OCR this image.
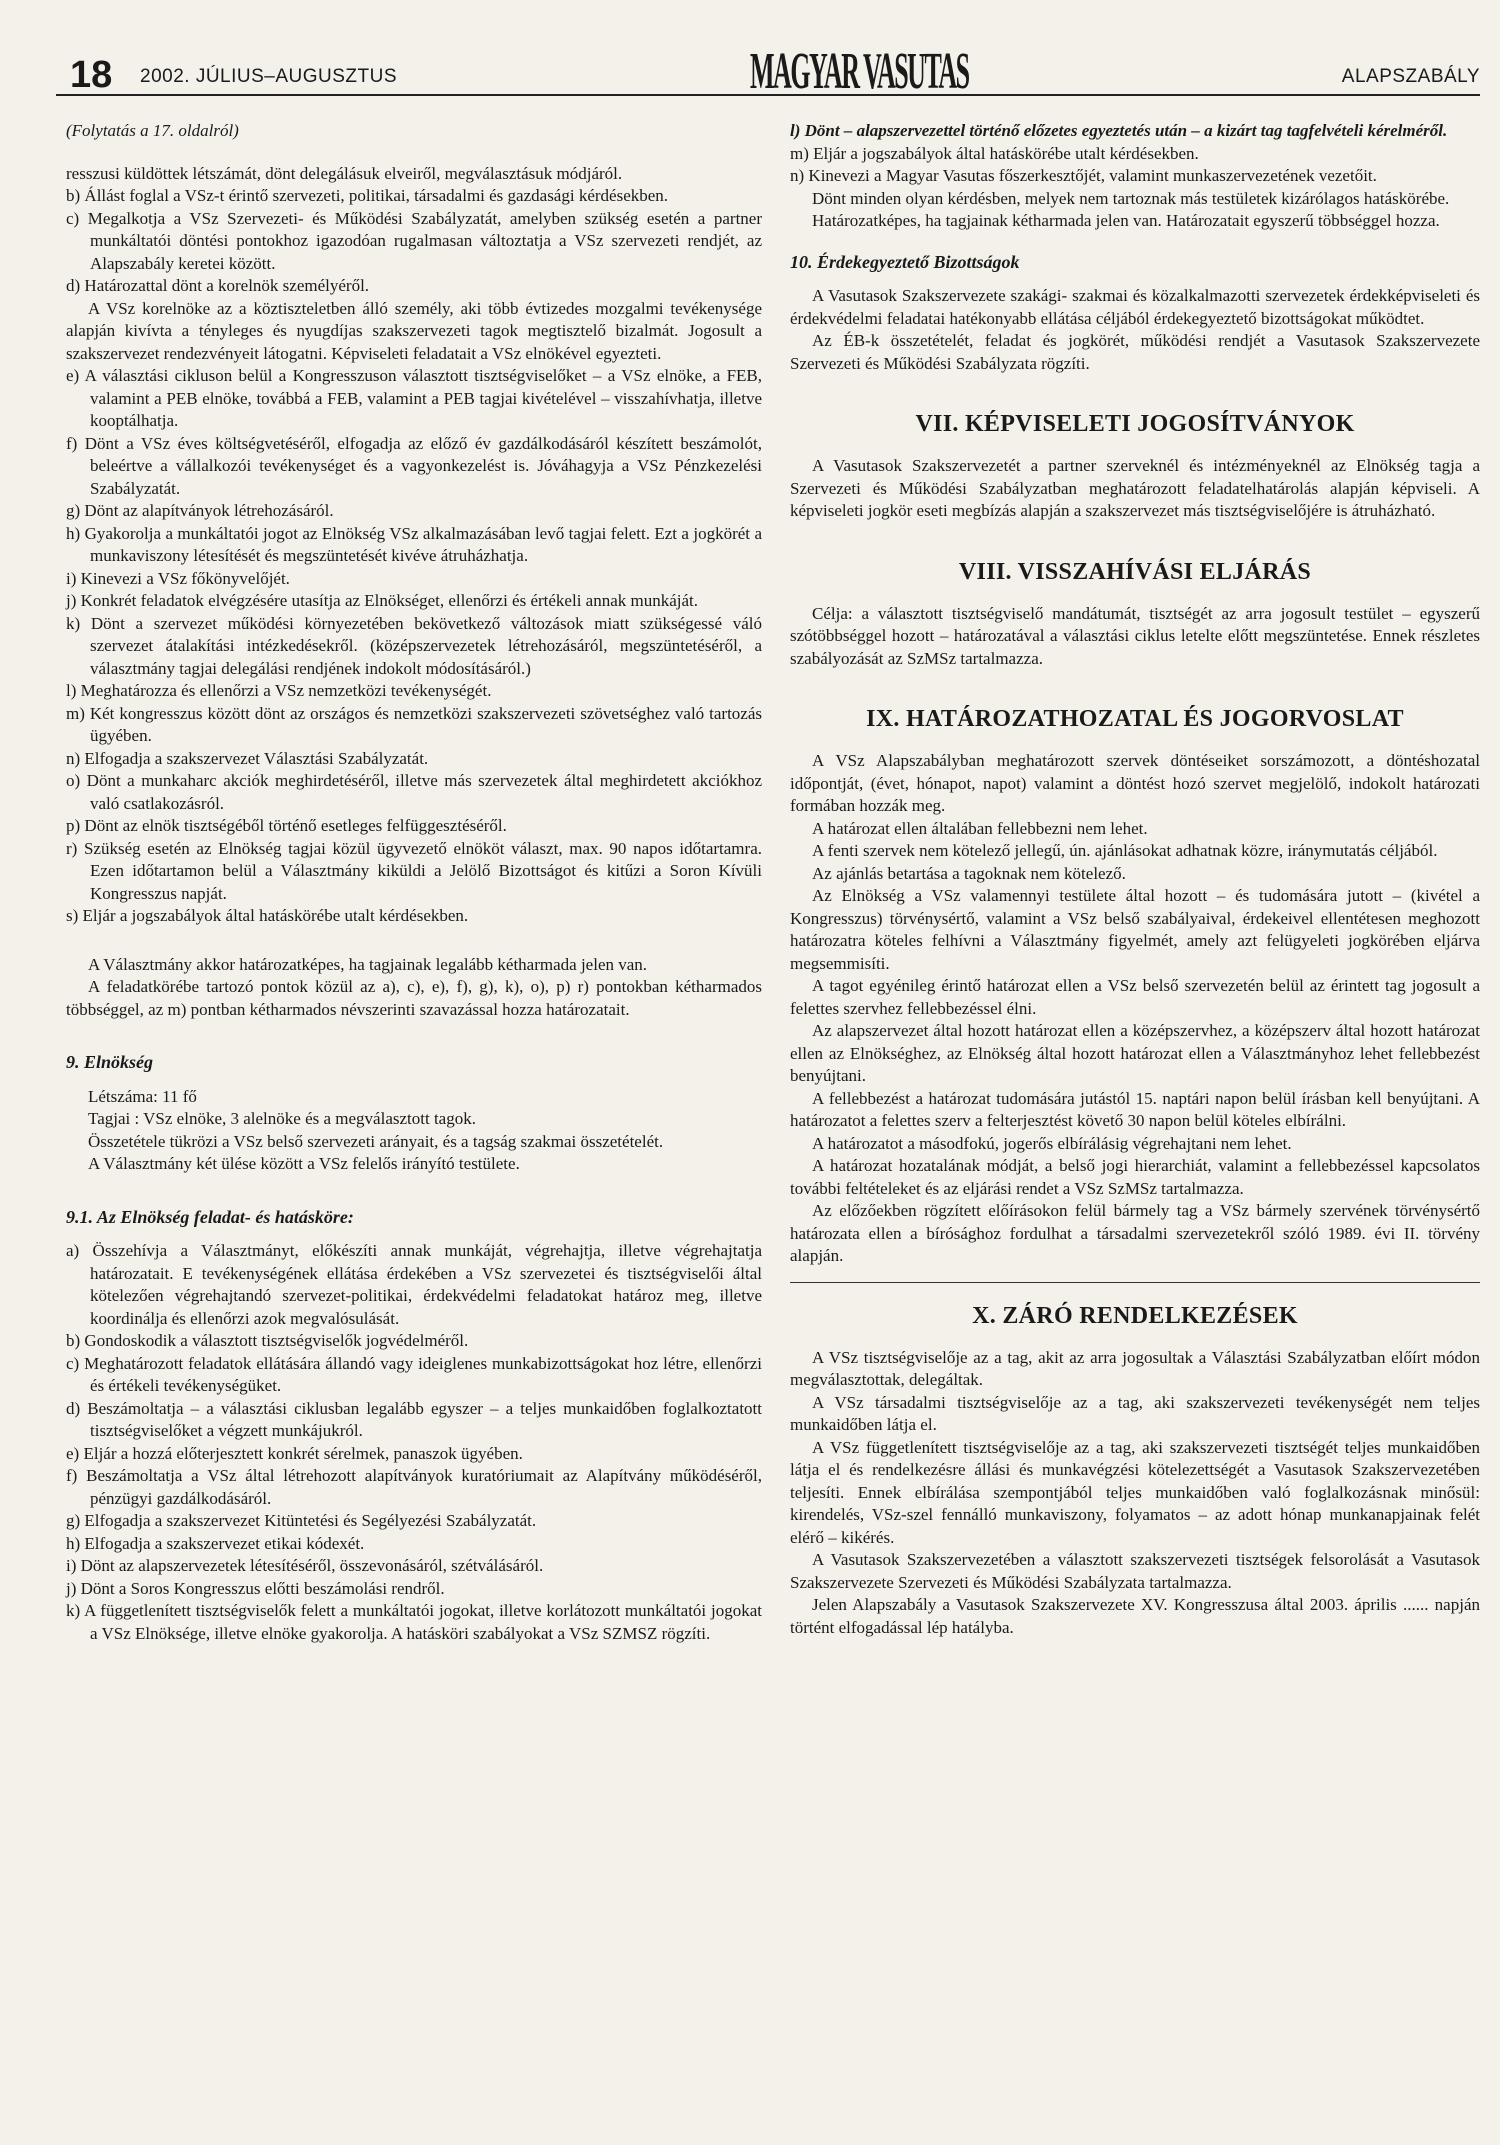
18 2002. JÚLIUS–AUGUSZTUS	MAGYAR VASUTAS	ALAPSZABÁLY

(Folytatás a 17. oldalról)

resszusi küldöttek létszámát, dönt delegálásuk elveiről, megválasztásuk módjáról.

b) Állást foglal a VSz-t érintő szervezeti, politikai, társadalmi és gazdasági kérdésekben.

c) Megalkotja a VSz Szervezeti- és Működési Szabályzatát, amelyben szükség esetén a partner munkáltatói döntési pontokhoz igazodóan rugalmasan változtatja a VSz szervezeti rendjét, az Alapszabály keretei között.

d) Határozattal dönt a korelnök személyéről.

A VSz korelnöke az a köztiszteletben álló személy, aki több évtizedes mozgalmi tevékenysége alapján kivívta a tényleges és nyugdíjas szakszervezeti tagok megtisztelő bizalmát. Jogosult a szakszervezet rendezvényeit látogatni. Képviseleti feladatait a VSz elnökével egyezteti.

e) A választási cikluson belül a Kongresszuson választott tisztségviselőket – a VSz elnöke, a FEB, valamint a PEB elnöke, továbbá a FEB, valamint a PEB tagjai kivételével – visszahívhatja, illetve kooptálhatja.

f) Dönt a VSz éves költségvetéséről, elfogadja az előző év gazdálkodásáról készített beszámolót, beleértve a vállalkozói tevékenységet és a vagyonkezelést is. Jóváhagyja a VSz Pénzkezelési Szabályzatát.

g) Dönt az alapítványok létrehozásáról.

h) Gyakorolja a munkáltatói jogot az Elnökség VSz alkalmazásában levő tagjai felett. Ezt a jogkörét a munkaviszony létesítését és megszüntetését kivéve átruházhatja.

i) Kinevezi a VSz főkönyvelőjét.

j) Konkrét feladatok elvégzésére utasítja az Elnökséget, ellenőrzi és értékeli annak munkáját.

k) Dönt a szervezet működési környezetében bekövetkező változások miatt szükségessé váló szervezet átalakítási intézkedésekről. (középszervezetek létrehozásáról, megszüntetéséről, a választmány tagjai delegálási rendjének indokolt módosításáról.)

l) Meghatározza és ellenőrzi a VSz nemzetközi tevékenységét.

m) Két kongresszus között dönt az országos és nemzetközi szakszervezeti szövetséghez való tartozás ügyében.

n) Elfogadja a szakszervezet Választási Szabályzatát.

o) Dönt a munkaharc akciók meghirdetéséről, illetve más szervezetek által meghirdetett akciókhoz való csatlakozásról.

p) Dönt az elnök tisztségéből történő esetleges felfüggesztéséről.

r) Szükség esetén az Elnökség tagjai közül ügyvezető elnököt választ, max. 90 napos időtartamra. Ezen időtartamon belül a Választmány kiküldi a Jelölő Bizottságot és kitűzi a Soron Kívüli Kongresszus napját.

s) Eljár a jogszabályok által hatáskörébe utalt kérdésekben.

A Választmány akkor határozatképes, ha tagjainak legalább kétharmada jelen van.

A feladatkörébe tartozó pontok közül az a), c), e), f), g), k), o), p) r) pontokban kétharmados többséggel, az m) pontban kétharmados névszerinti szavazással hozza határozatait.

9. Elnökség

Létszáma: 11 fő

Tagjai : VSz elnöke, 3 alelnöke és a megválasztott tagok.

Összetétele tükrözi a VSz belső szervezeti arányait, és a tagság szakmai összetételét.

A Választmány két ülése között a VSz felelős irányító testülete.

9.1. Az Elnökség feladat- és hatásköre:

a) Összehívja a Választmányt, előkészíti annak munkáját, végrehajtja, illetve végrehajtatja határozatait. E tevékenységének ellátása érdekében a VSz szervezetei és tisztségviselői által kötelezően végrehajtandó szervezet-politikai, érdekvédelmi feladatokat határoz meg, illetve koordinálja és ellenőrzi azok megvalósulását.

b) Gondoskodik a választott tisztségviselők jogvédelméről.

c) Meghatározott feladatok ellátására állandó vagy ideiglenes munkabizottságokat hoz létre, ellenőrzi és értékeli tevékenységüket.

d) Beszámoltatja – a választási ciklusban legalább egyszer – a teljes munkaidőben foglalkoztatott tisztségviselőket a végzett munkájukról.

e) Eljár a hozzá előterjesztett konkrét sérelmek, panaszok ügyében.

f) Beszámoltatja a VSz által létrehozott alapítványok kuratóriumait az Alapítvány működéséről, pénzügyi gazdálkodásáról.

g) Elfogadja a szakszervezet Kitüntetési és Segélyezési Szabályzatát.

h) Elfogadja a szakszervezet etikai kódexét.

i) Dönt az alapszervezetek létesítéséről, összevonásáról, szétválásáról.

j) Dönt a Soros Kongresszus előtti beszámolási rendről.

k) A függetlenített tisztségviselők felett a munkáltatói jogokat, illetve korlátozott munkáltatói jogokat a VSz Elnöksége, illetve elnöke gyakorolja. A hatásköri szabályokat a VSz SZMSZ rögzíti.

l) Dönt – alapszervezettel történő előzetes egyeztetés után – a kizárt tag tagfelvételi kérelméről.

m) Eljár a jogszabályok által hatáskörébe utalt kérdésekben.

n) Kinevezi a Magyar Vasutas főszerkesztőjét, valamint munkaszervezetének vezetőit.

Dönt minden olyan kérdésben, melyek nem tartoznak más testületek kizárólagos hatáskörébe.

Határozatképes, ha tagjainak kétharmada jelen van. Határozatait egyszerű többséggel hozza.

10. Érdekegyeztető Bizottságok

A Vasutasok Szakszervezete szakági- szakmai és közalkalmazotti szervezetek érdekképviseleti és érdekvédelmi feladatai hatékonyabb ellátása céljából érdekegyeztető bizottságokat működtet.

Az ÉB-k összetételét, feladat és jogkörét, működési rendjét a Vasutasok Szakszervezete Szervezeti és Működési Szabályzata rögzíti.

VII. KÉPVISELETI JOGOSÍTVÁNYOK

A Vasutasok Szakszervezetét a partner szerveknél és intézményeknél az Elnökség tagja a Szervezeti és Működési Szabályzatban meghatározott feladatelhatárolás alapján képviseli. A képviseleti jogkör eseti megbízás alapján a szakszervezet más tisztségviselőjére is átruházható.

VIII. VISSZAHÍVÁSI ELJÁRÁS

Célja: a választott tisztségviselő mandátumát, tisztségét az arra jogosult testület – egyszerű szótöbbséggel hozott – határozatával a választási ciklus letelte előtt megszüntetése. Ennek részletes szabályozását az SzMSz tartalmazza.

IX. HATÁROZATHOZATAL ÉS JOGORVOSLAT

A VSz Alapszabályban meghatározott szervek döntéseiket sorszámozott, a döntéshozatal időpontját, (évet, hónapot, napot) valamint a döntést hozó szervet megjelölő, indokolt határozati formában hozzák meg.

A határozat ellen általában fellebbezni nem lehet.

A fenti szervek nem kötelező jellegű, ún. ajánlásokat adhatnak közre, iránymutatás céljából.

Az ajánlás betartása a tagoknak nem kötelező.

Az Elnökség a VSz valamennyi testülete által hozott – és tudomására jutott – (kivétel a Kongresszus) törvénysértő, valamint a VSz belső szabályaival, érdekeivel ellentétesen meghozott határozatra köteles felhívni a Választmány figyelmét, amely azt felügyeleti jogkörében eljárva megsemmisíti.

A tagot egyénileg érintő határozat ellen a VSz belső szervezetén belül az érintett tag jogosult a felettes szervhez fellebbezéssel élni.

Az alapszervezet által hozott határozat ellen a középszervhez, a középszerv által hozott határozat ellen az Elnökséghez, az Elnökség által hozott határozat ellen a Választmányhoz lehet fellebbezést benyújtani.

A fellebbezést a határozat tudomására jutástól 15. naptári napon belül írásban kell benyújtani. A határozatot a felettes szerv a felterjesztést követő 30 napon belül köteles elbírálni.

A határozatot a másodfokú, jogerős elbírálásig végrehajtani nem lehet.

A határozat hozatalának módját, a belső jogi hierarchiát, valamint a fellebbezéssel kapcsolatos további feltételeket és az eljárási rendet a VSz SzMSz tartalmazza.

Az előzőekben rögzített előírásokon felül bármely tag a VSz bármely szervének törvénysértő határozata ellen a bírósághoz fordulhat a társadalmi szervezetekről szóló 1989. évi II. törvény alapján.

X. ZÁRÓ RENDELKEZÉSEK

A VSz tisztségviselője az a tag, akit az arra jogosultak a Választási Szabályzatban előírt módon megválasztottak, delegáltak.

A VSz társadalmi tisztségviselője az a tag, aki szakszervezeti tevékenységét nem teljes munkaidőben látja el.

A VSz függetlenített tisztségviselője az a tag, aki szakszervezeti tisztségét teljes munkaidőben látja el és rendelkezésre állási és munkavégzési kötelezettségét a Vasutasok Szakszervezetében teljesíti. Ennek elbírálása szempontjából teljes munkaidőben való foglalkozásnak minősül: kirendelés, VSz-szel fennálló munkaviszony, folyamatos – az adott hónap munkanapjainak felét elérő – kikérés.

A Vasutasok Szakszervezetében a választott szakszervezeti tisztségek felsorolását a Vasutasok Szakszervezete Szervezeti és Működési Szabályzata tartalmazza.

Jelen Alapszabály a Vasutasok Szakszervezete XV. Kongresszusa által 2003. április ...... napján történt elfogadással lép hatályba.
